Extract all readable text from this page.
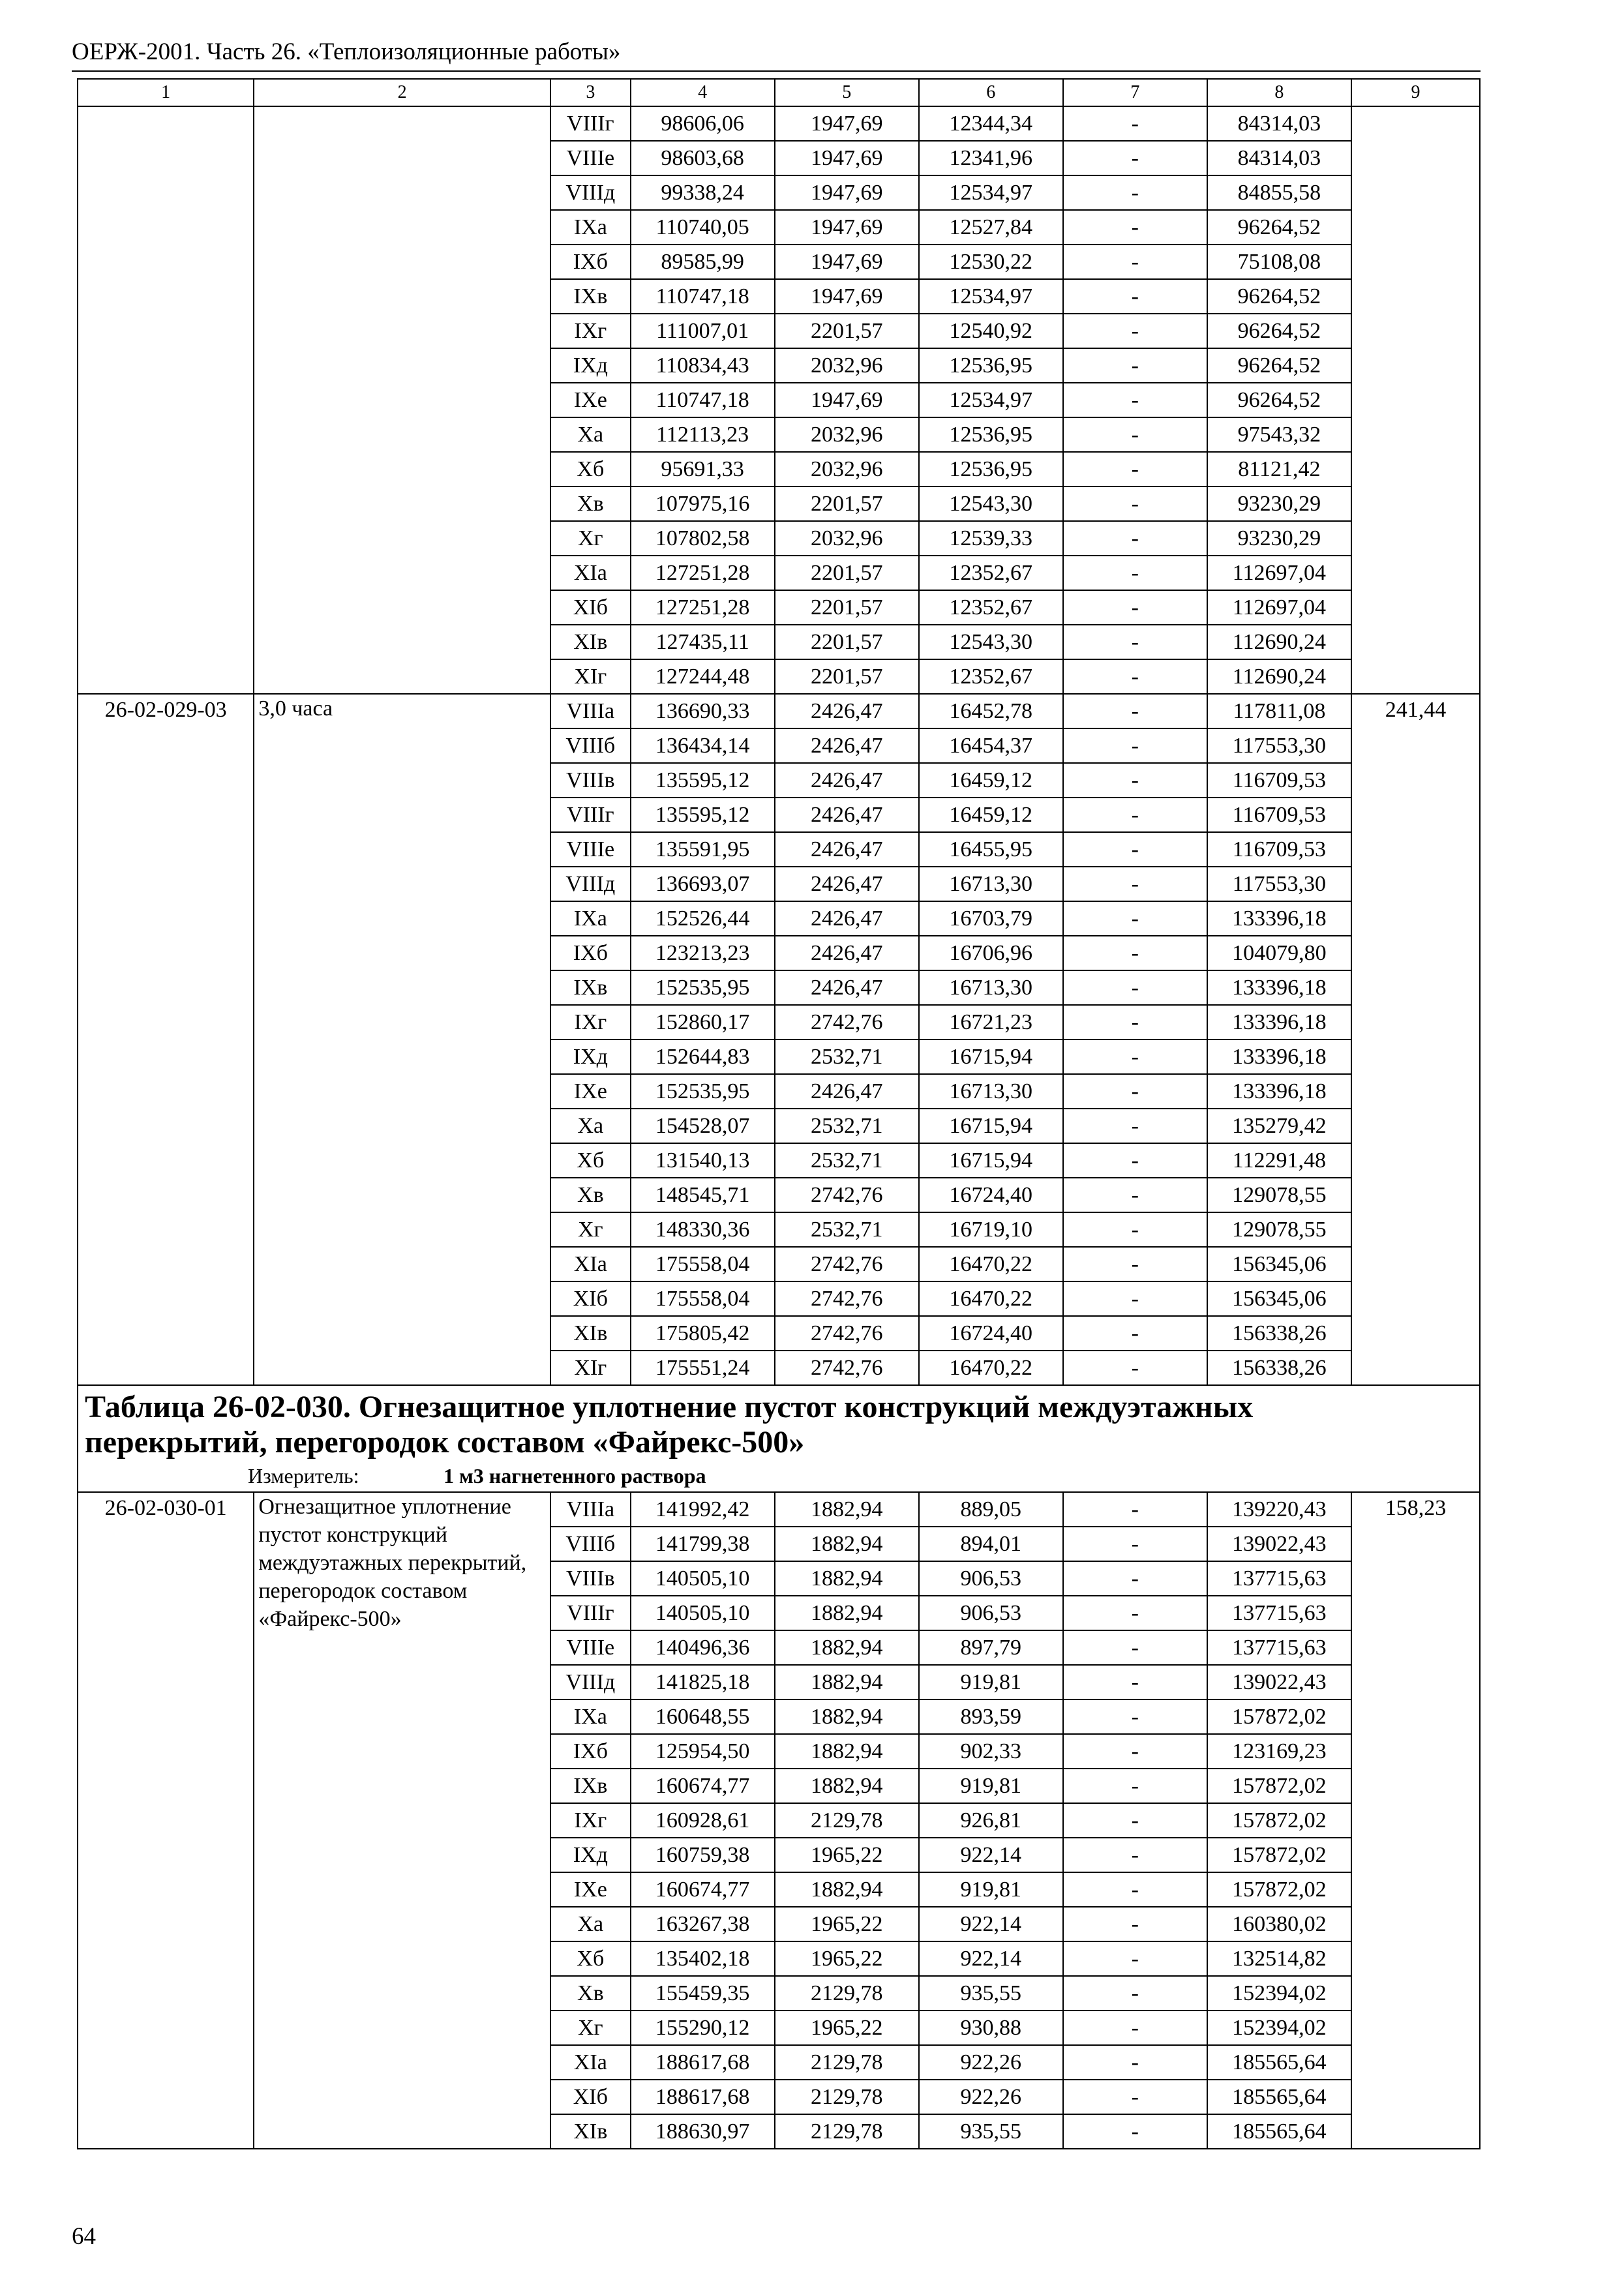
ОЕРЖ-2001. Часть 26. «Теплоизоляционные работы»
1	2	3	4	5	6	7	8	9
		VIIIг	98606,06	1947,69	12344,34	-	84314,03	
		VIIIе	98603,68	1947,69	12341,96	-	84314,03	
		VIIIд	99338,24	1947,69	12534,97	-	84855,58	
		IXа	110740,05	1947,69	12527,84	-	96264,52	
		IXб	89585,99	1947,69	12530,22	-	75108,08	
		IXв	110747,18	1947,69	12534,97	-	96264,52	
		IXг	111007,01	2201,57	12540,92	-	96264,52	
		IXд	110834,43	2032,96	12536,95	-	96264,52	
		IXе	110747,18	1947,69	12534,97	-	96264,52	
		Xа	112113,23	2032,96	12536,95	-	97543,32	
		Xб	95691,33	2032,96	12536,95	-	81121,42	
		Xв	107975,16	2201,57	12543,30	-	93230,29	
		Xг	107802,58	2032,96	12539,33	-	93230,29	
		XIа	127251,28	2201,57	12352,67	-	112697,04	
		XIб	127251,28	2201,57	12352,67	-	112697,04	
		XIв	127435,11	2201,57	12543,30	-	112690,24	
		XIг	127244,48	2201,57	12352,67	-	112690,24	
26-02-029-03	3,0 часа	VIIIа	136690,33	2426,47	16452,78	-	117811,08	241,44
		VIIIб	136434,14	2426,47	16454,37	-	117553,30	
		VIIIв	135595,12	2426,47	16459,12	-	116709,53	
		VIIIг	135595,12	2426,47	16459,12	-	116709,53	
		VIIIе	135591,95	2426,47	16455,95	-	116709,53	
		VIIIд	136693,07	2426,47	16713,30	-	117553,30	
		IXа	152526,44	2426,47	16703,79	-	133396,18	
		IXб	123213,23	2426,47	16706,96	-	104079,80	
		IXв	152535,95	2426,47	16713,30	-	133396,18	
		IXг	152860,17	2742,76	16721,23	-	133396,18	
		IXд	152644,83	2532,71	16715,94	-	133396,18	
		IXе	152535,95	2426,47	16713,30	-	133396,18	
		Xа	154528,07	2532,71	16715,94	-	135279,42	
		Xб	131540,13	2532,71	16715,94	-	112291,48	
		Xв	148545,71	2742,76	16724,40	-	129078,55	
		Xг	148330,36	2532,71	16719,10	-	129078,55	
		XIа	175558,04	2742,76	16470,22	-	156345,06	
		XIб	175558,04	2742,76	16470,22	-	156345,06	
		XIв	175805,42	2742,76	16724,40	-	156338,26	
		XIг	175551,24	2742,76	16470,22	-	156338,26	

Таблица 26-02-030. Огнезащитное уплотнение пустот конструкций междуэтажных
перекрытий, перегородок составом «Файрекс-500»
Измеритель: 1 м3 нагнетенного раствора								

26-02-030-01	Огнезащитное уплотнение пустот конструкций междуэтажных перекрытий, перегородок составом «Файрекс-500»	VIIIа	141992,42	1882,94	889,05	-	139220,43	158,23
		VIIIб	141799,38	1882,94	894,01	-	139022,43	
		VIIIв	140505,10	1882,94	906,53	-	137715,63	
		VIIIг	140505,10	1882,94	906,53	-	137715,63	
		VIIIе	140496,36	1882,94	897,79	-	137715,63	
		VIIIд	141825,18	1882,94	919,81	-	139022,43	
		IXа	160648,55	1882,94	893,59	-	157872,02	
		IXб	125954,50	1882,94	902,33	-	123169,23	
		IXв	160674,77	1882,94	919,81	-	157872,02	
		IXг	160928,61	2129,78	926,81	-	157872,02	
		IXд	160759,38	1965,22	922,14	-	157872,02	
		IXе	160674,77	1882,94	919,81	-	157872,02	
		Xа	163267,38	1965,22	922,14	-	160380,02	
		Xб	135402,18	1965,22	922,14	-	132514,82	
		Xв	155459,35	2129,78	935,55	-	152394,02	
		Xг	155290,12	1965,22	930,88	-	152394,02	
		XIа	188617,68	2129,78	922,26	-	185565,64	
		XIб	188617,68	2129,78	922,26	-	185565,64	
		XIв	188630,97	2129,78	935,55	-	185565,64	
64
